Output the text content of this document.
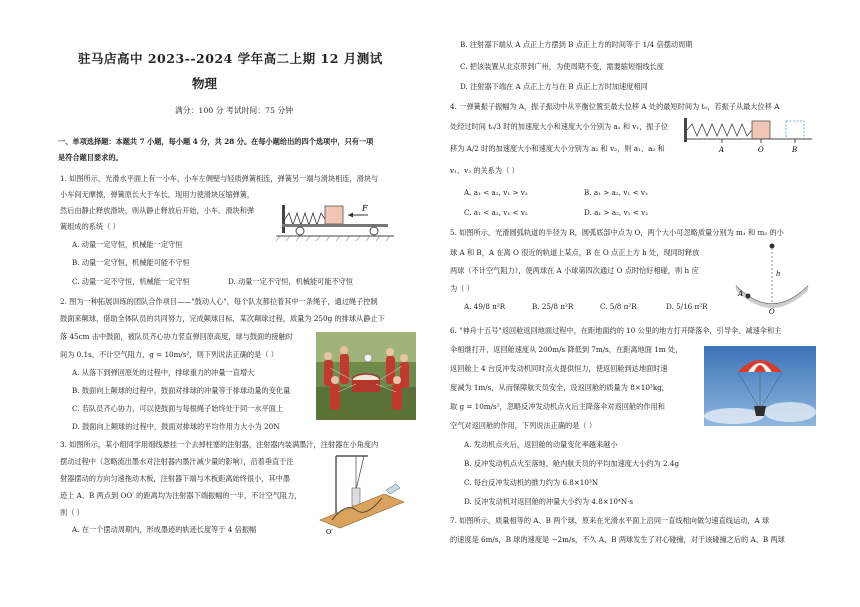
驻马店高中 2023--2024 学年高二上期 12 月测试
物理
满分：100 分 考试时间：75 分钟
一、单项选择题：本题共 7 小题，每小题 4 分，共 28 分。在每小题给出的四个选项中，只有一项
是符合题目要求的。
1. 如图所示，光滑水平面上有一小车，小车左侧壁与轻质弹簧相连，弹簧另一端与滑块相连，滑块与
小车间无摩擦，弹簧原长大于车长，现用力使滑块压缩弹簧，
然后由静止释放滑块，则从静止释放后开始，小车、滑块和弹
簧组成的系统（ ）
A. 动量一定守恒，机械能一定守恒
B. 动量一定守恒，机械能可能不守恒
C. 动量一定不守恒，机械能一定守恒	D. 动量一定不守恒，机械能可能不守恒
F
2. 图为一种拓展训练的团队合作项目——"鼓动人心"，每个队友都拉着其中一条绳子，通过绳子控制
鼓面来颠球，借助全体队员的共同努力，完成颠球目标，某次颠球过程，质量为 250g 的排球从静止下
落 45cm 击中鼓面，被队员齐心协力竖直弹回原高度，球与鼓面的接触时
间为 0.1s，不计空气阻力，g = 10m/s²，则下列说法正确的是（ ）
A. 从落下到弹回原处的过程中，排球重力的冲量一直增大
B. 鼓面向上颠球的过程中，鼓面对排球的冲量等于排球动量的变化量
C. 若队员齐心协力，可以使鼓面与每根绳子始终处于同一水平面上
D. 鼓面向上颠球的过程中，鼓面对排球的平均作用力大小为 20N
3. 如图所示，某小组同学用细线悬挂一个去掉柱塞的注射器，注射器内装满墨汁，注射器在小角度内
摆动过程中（忽略流出墨水对注射器内墨汁减少量的影响），沿着垂直于注
射器摆动的方向匀速拖动木板，注射器下端与木板距离始终很小，其中墨
迹上 A、B 两点到 OO′ 的距离均为注射器下端振幅的一半，不计空气阻力，
则（ ）
A. 在一个摆动周期内，形成墨迹的轨迹长度等于 4 倍振幅	O′
B. 注射器下端从 A 点正上方摆到 B 点正上方的时间等于 1/4 倍摆动周期
C. 把该装置从北京带到广州，为使周期不变，需要缩短细线长度
D. 注射器下端在 A 点正上方与在 B 点正上方时加速度相同
4. 一弹簧振子振幅为 A，振子振动中从平衡位置至最大位移 A 处的最短时间为 t₀，若振子从最大位移 A
处经过时间 t₀/3 时的加速度大小和速度大小分别为 a₁ 和 v₁，振子位
移为 A/2 时的加速度大小和速度大小分别为 a₂ 和 v₂，则 a₁、a₂ 和
v₁、v₂ 的关系为（ ）
A. a₁ < a₂, v₁ > v₂	B. a₁ > a₂, v₁ < v₂
C. a₁ < a₂, v₁ < v₂	D. a₁ > a₂, v₁ < v₂
A	O	B
5. 如图所示，光滑圆弧轨道的半径为 R，圆弧底部中点为 O，两个大小可忽略质量分别为 m₁ 和 m₂ 的小
球 A 和 B，A 在离 O 很近的轨道上某点，B 在 O 点正上方 h 处，现同时释放
两球（不计空气阻力），使两球在 A 小球第四次通过 O 点时恰好相碰，则 h 应
为（ ）
A. 49/8 π²R	B. 25/8 π²R	C. 5/8 π²R	D. 5/16 π²R
h
O
A
6. "神舟十五号"返回舱返回地面过程中，在距地面约的 10 公里的地方打开降落伞，引导伞、减速伞和主
伞相继打开，返回舱速度从 200m/s 降低到 7m/s，在距离地面 1m 处，
返回舱上 4 台反冲发动机同时点火提供恒力，使返回舱到达地面时速
度减为 1m/s，从而保障航天员安全，设返回舱的质量为 8×10³kg，
取 g = 10m/s²，忽略反冲发动机点火后主降落伞对返回舱的作用和
空气对返回舱的作用，下列说法正确的是（ ）
A. 发动机点火后，返回舱的动量变化率越来越小
B. 反冲发动机点火至落地，舱内航天员的平均加速度大小约为 2.4g
C. 每台反冲发动机的推力约为 6.8×10³N
D. 反冲发动机对返回舱的冲量大小约为 4.8×10⁴N·s
7. 如图所示，质量相等的 A、B 两个球，原来在光滑水平面上沿同一直线相向做匀速直线运动，A 球
的速度是 6m/s，B 球的速度是 −2m/s，不久 A、B 两球发生了对心碰撞，对于该碰撞之后的 A、B 两球
